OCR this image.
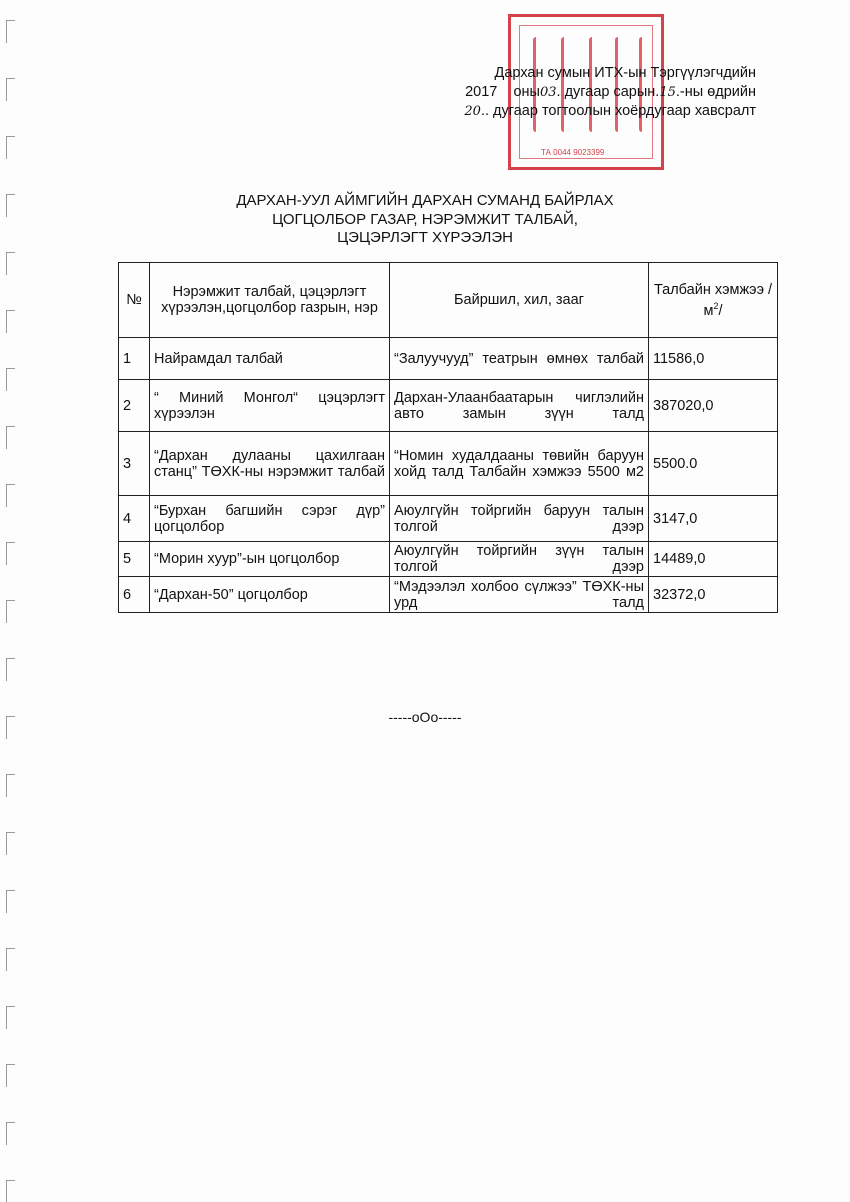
ТА 0044 9023399
Дархан сумын ИТХ-ын Тэргүүлэгчдийн
2017 оны03. дугаар сарын.15.-ны өдрийн
20.. дугаар тогтоолын хоёрдугаар хавсралт
ДАРХАН-УУЛ АЙМГИЙН ДАРХАН СУМАНД БАЙРЛАХ
ЦОГЦОЛБОР ГАЗАР, НЭРЭМЖИТ ТАЛБАЙ,
ЦЭЦЭРЛЭГТ ХҮРЭЭЛЭН
№	Нэрэмжит талбай, цэцэрлэгт хүрээлэн,цогцолбор газрын, нэр	Байршил, хил, зааг	Талбайн хэмжээ $/м^2/$
1	Найрамдал талбай	“Залуучууд” театрын өмнөх талбай	11586,0
2	“ Миний Монгол“ цэцэрлэгт хүрээлэн	Дархан-Улаанбаатарын чиглэлийн авто замын зүүн талд	387020,0
3	“Дархан дулааны цахилгаан станц” ТӨХК-ны нэрэмжит талбай	“Номин худалдааны төвийн баруун хойд талд Талбайн хэмжээ 5500 м2	5500.0
4	“Бурхан багшийн сэрэг дүр” цогцолбор	Аюулгүйн тойргийн баруун талын толгой дээр	3147,0
5	“Морин хуур”-ын цогцолбор	Аюулгүйн тойргийн зүүн талын толгой дээр	14489,0
6	“Дархан-50” цогцолбор	“Мэдээлэл холбоо сүлжээ” ТӨХК-ны урд талд	32372,0
-----oOo-----
